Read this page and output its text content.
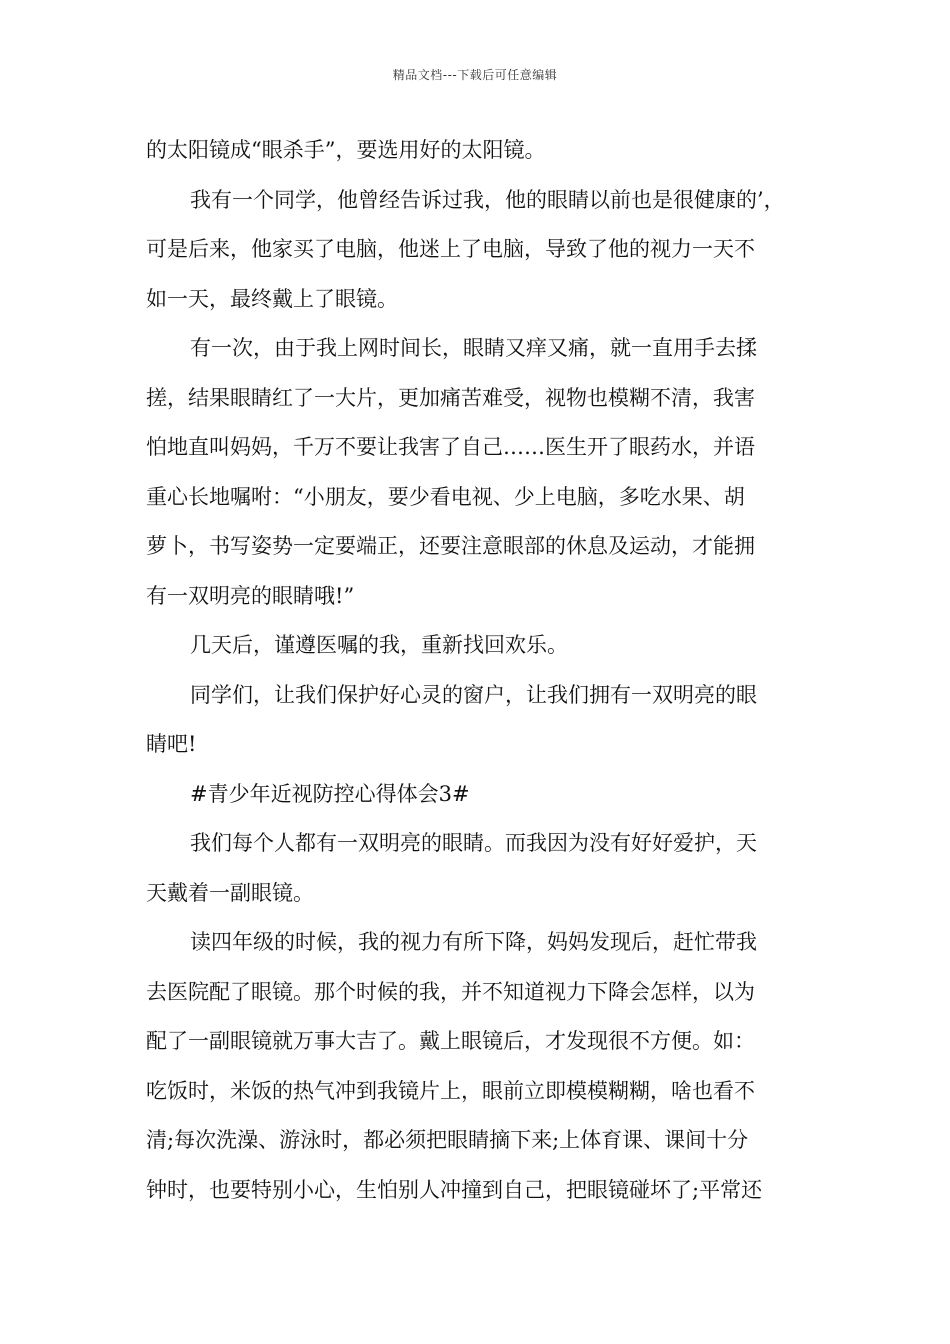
精品文档---下载后可任意编辑
的太阳镜成“眼杀手”，要选用好的太阳镜。
我有一个同学，他曾经告诉过我，他的眼睛以前也是很健康的’，
可是后来，他家买了电脑，他迷上了电脑，导致了他的视力一天不
如一天，最终戴上了眼镜。
有一次，由于我上网时间长，眼睛又痒又痛，就一直用手去揉
搓，结果眼睛红了一大片，更加痛苦难受，视物也模糊不清，我害
怕地直叫妈妈，千万不要让我害了自己……医生开了眼药水，并语
重心长地嘱咐：“小朋友，要少看电视、少上电脑，多吃水果、胡
萝卜，书写姿势一定要端正，还要注意眼部的休息及运动，才能拥
有一双明亮的眼睛哦!”
几天后，谨遵医嘱的我，重新找回欢乐。
同学们，让我们保护好心灵的窗户，让我们拥有一双明亮的眼
睛吧!
#青少年近视防控心得体会3#
我们每个人都有一双明亮的眼睛。而我因为没有好好爱护，天
天戴着一副眼镜。
读四年级的时候，我的视力有所下降，妈妈发现后，赶忙带我
去医院配了眼镜。那个时候的我，并不知道视力下降会怎样，以为
配了一副眼镜就万事大吉了。戴上眼镜后，才发现很不方便。如：
吃饭时，米饭的热气冲到我镜片上，眼前立即模模糊糊，啥也看不
清;每次洗澡、游泳时，都必须把眼睛摘下来;上体育课、课间十分
钟时，也要特别小心，生怕别人冲撞到自己，把眼镜碰坏了;平常还
